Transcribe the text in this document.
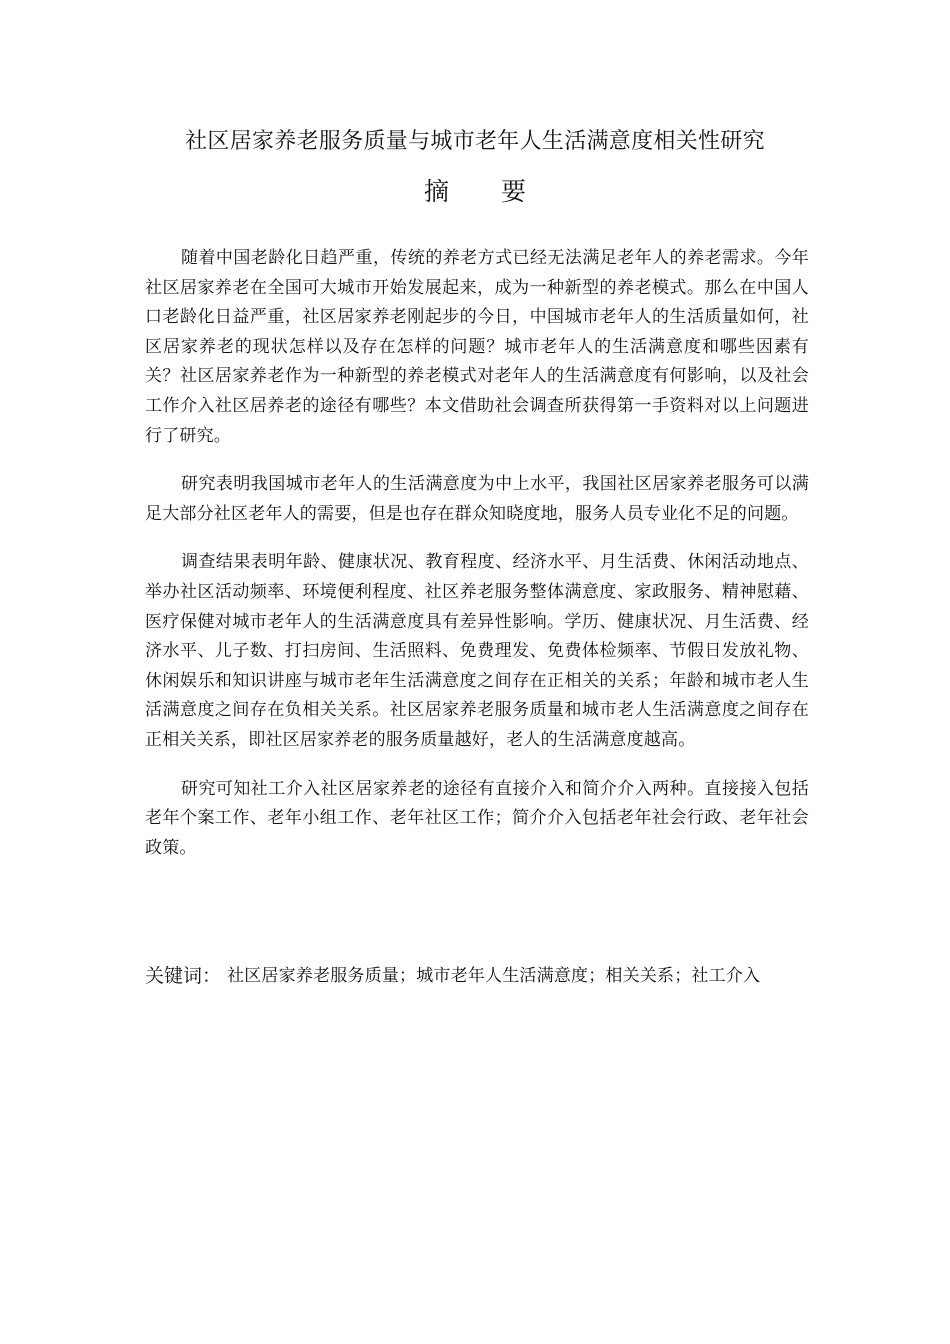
社区居家养老服务质量与城市老年人生活满意度相关性研究
摘 要

随着中国老龄化日趋严重，传统的养老方式已经无法满足老年人的养老需求。今年社区居家养老在全国可大城市开始发展起来，成为一种新型的养老模式。那么在中国人口老龄化日益严重，社区居家养老刚起步的今日，中国城市老年人的生活质量如何，社区居家养老的现状怎样以及存在怎样的问题？城市老年人的生活满意度和哪些因素有关？社区居家养老作为一种新型的养老模式对老年人的生活满意度有何影响，以及社会工作介入社区居养老的途径有哪些？本文借助社会调查所获得第一手资料对以上问题进行了研究。

研究表明我国城市老年人的生活满意度为中上水平，我国社区居家养老服务可以满足大部分社区老年人的需要，但是也存在群众知晓度地，服务人员专业化不足的问题。

调查结果表明年龄、健康状况、教育程度、经济水平、月生活费、休闲活动地点、举办社区活动频率、环境便利程度、社区养老服务整体满意度、家政服务、精神慰藉、医疗保健对城市老年人的生活满意度具有差异性影响。学历、健康状况、月生活费、经济水平、儿子数、打扫房间、生活照料、免费理发、免费体检频率、节假日发放礼物、休闲娱乐和知识讲座与城市老年生活满意度之间存在正相关的关系；年龄和城市老人生活满意度之间存在负相关关系。社区居家养老服务质量和城市老人生活满意度之间存在正相关关系，即社区居家养老的服务质量越好，老人的生活满意度越高。

研究可知社工介入社区居家养老的途径有直接介入和简介介入两种。直接接入包括老年个案工作、老年小组工作、老年社区工作；简介介入包括老年社会行政、老年社会政策。

关键词： 社区居家养老服务质量；城市老年人生活满意度；相关关系；社工介入
